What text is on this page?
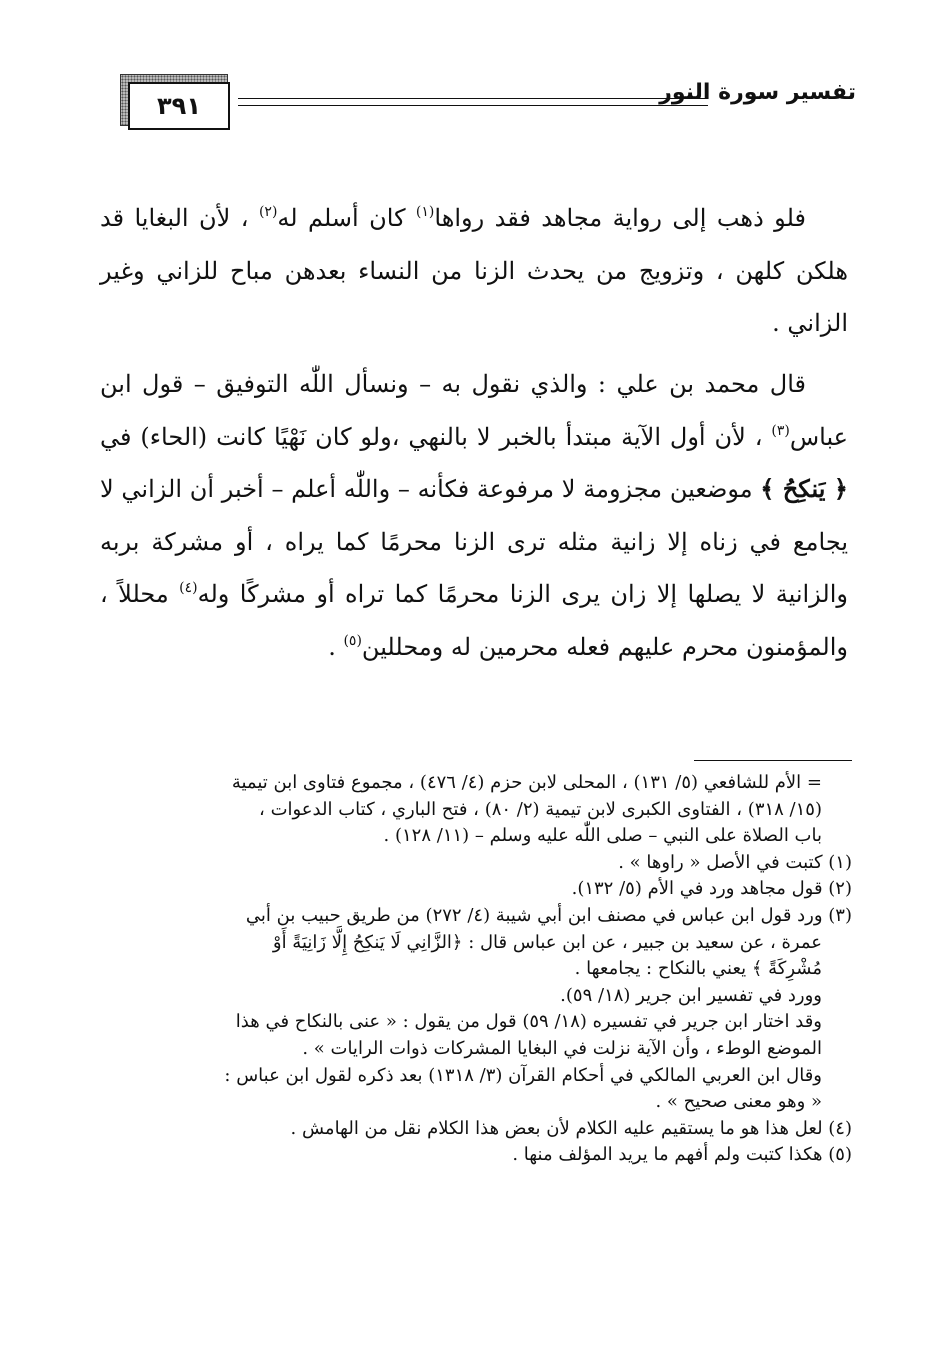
٣٩١	تفسير سورة النور

فلو ذهب إلى رواية مجاهد فقد رواها$^{(١)}$ كان أسلم له$^{(٢)}$ ، لأن البغايا قد هلكن كلهن ، وتزويج من يحدث الزنا من النساء بعدهن مباح للزاني وغير الزاني .

قال محمد بن علي : والذي نقول به – ونسأل اللّٰه التوفيق – قول ابن عباس$^{(٣)}$ ، لأن أول الآية مبتدأ بالخبر لا بالنهي ،ولو كان نَهْيًا كانت (الحاء) في ﴿ يَنكِحُ ﴾ موضعين مجزومة لا مرفوعة فكأنه – واللّٰه أعلم – أخبر أن الزاني لا يجامع في زناه إلا زانية مثله ترى الزنا محرمًا كما يراه ، أو مشركة بربه والزانية لا يصلها إلا زان يرى الزنا محرمًا كما تراه أو مشركًا وله$^{(٤)}$ محللاً ، والمؤمنون محرم عليهم فعله محرمين له ومحللين$^{(٥)}$ .

= الأم للشافعي (٥/ ١٣١) ، المحلى لابن حزم (٤/ ٤٧٦) ، مجموع فتاوى ابن تيمية

(١٥/ ٣١٨) ، الفتاوى الكبرى لابن تيمية (٢/ ٨٠) ، فتح الباري ، كتاب الدعوات ،

باب الصلاة على النبي – صلى اللّٰه عليه وسلم – (١١/ ١٢٨) .

(١) كتبت في الأصل « راوها » .

(٢) قول مجاهد ورد في الأم (٥/ ١٣٢).

(٣) ورد قول ابن عباس في مصنف ابن أبي شيبة (٤/ ٢٧٢) من طريق حبيب بن أبي

عمرة ، عن سعيد بن جبير ، عن ابن عباس قال : ﴿الزَّانِي لَا يَنكِحُ إِلَّا زَانِيَةً أَوْ

مُشْرِكَةً ﴾ يعني بالنكاح : يجامعها .

وورد في تفسير ابن جرير (١٨/ ٥٩).

وقد اختار ابن جرير في تفسيره (١٨/ ٥٩) قول من يقول : « عنى بالنكاح في هذا

الموضع الوطء ، وأن الآية نزلت في البغايا المشركات ذوات الرايات » .

وقال ابن العربي المالكي في أحكام القرآن (٣/ ١٣١٨) بعد ذكره لقول ابن عباس :

« وهو معنى صحيح » .

(٤) لعل هذا هو ما يستقيم عليه الكلام لأن بعض هذا الكلام نقل من الهامش .

(٥) هكذا كتبت ولم أفهم ما يريد المؤلف منها .
